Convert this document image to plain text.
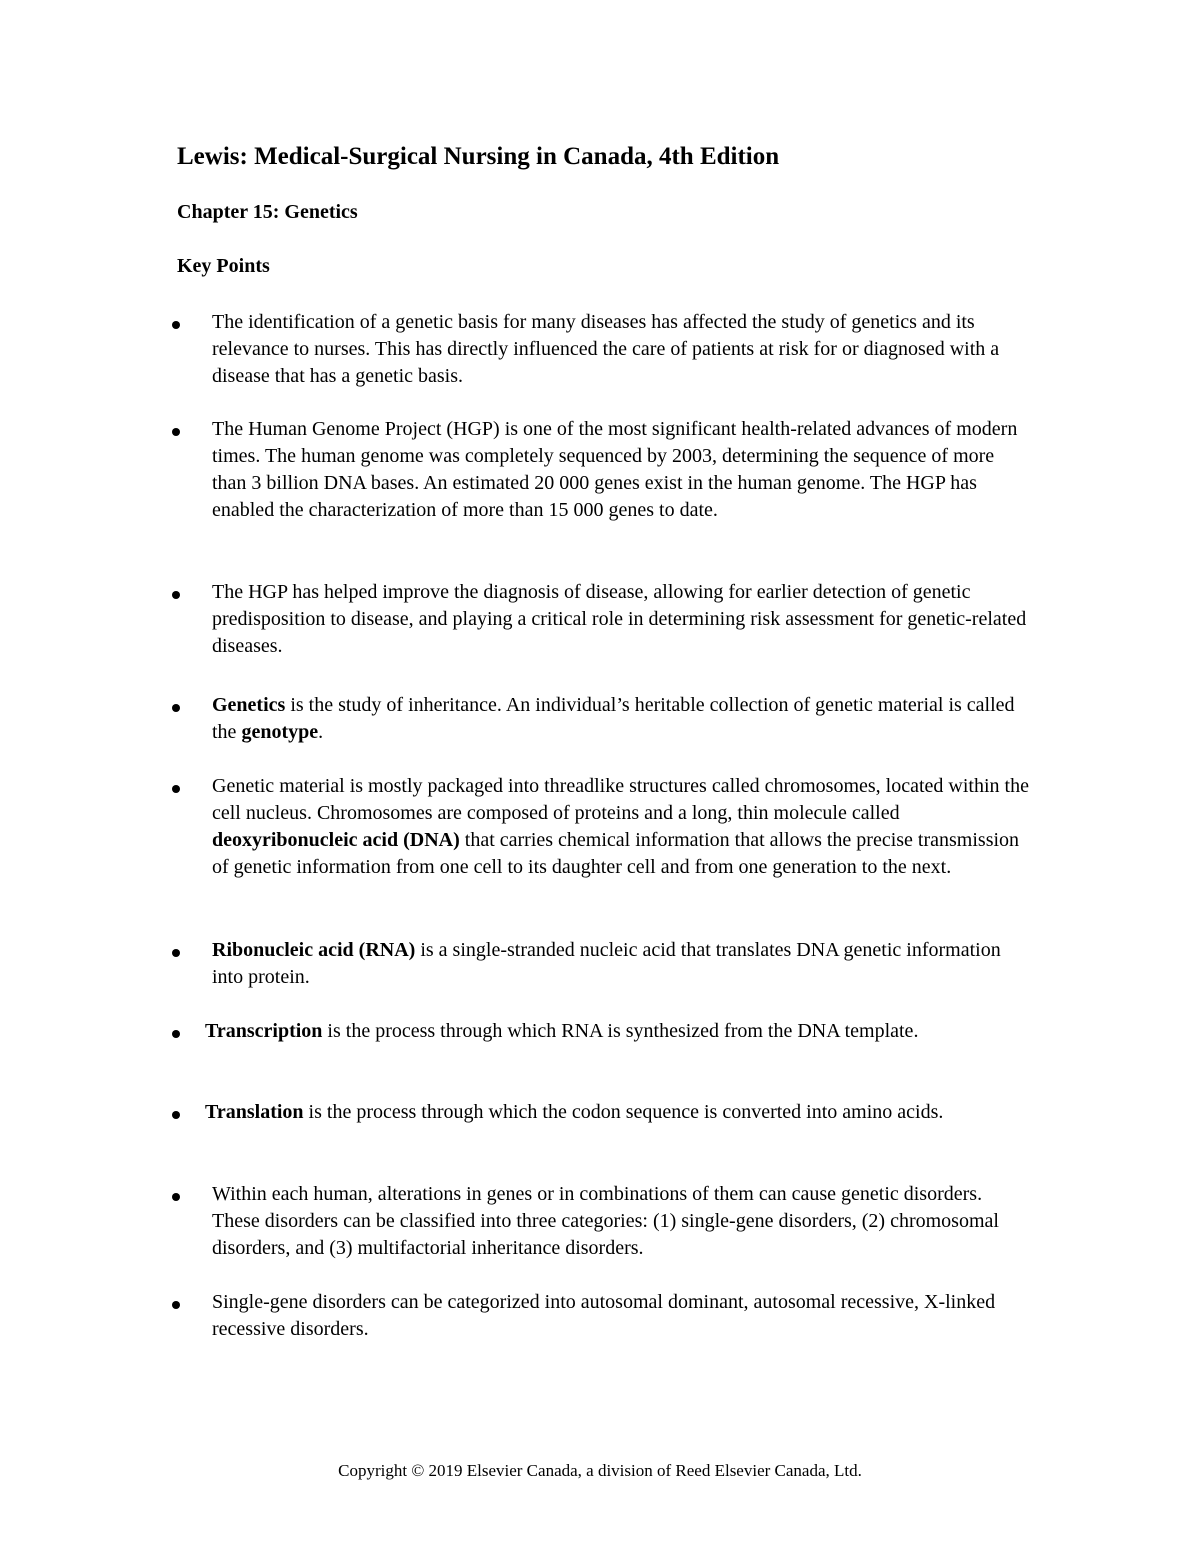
Lewis: Medical-Surgical Nursing in Canada, 4th Edition
Chapter 15: Genetics
Key Points
The identification of a genetic basis for many diseases has affected the study of genetics and its relevance to nurses. This has directly influenced the care of patients at risk for or diagnosed with a disease that has a genetic basis.
The Human Genome Project (HGP) is one of the most significant health-related advances of modern times. The human genome was completely sequenced by 2003, determining the sequence of more than 3 billion DNA bases. An estimated 20 000 genes exist in the human genome. The HGP has enabled the characterization of more than 15 000 genes to date.
The HGP has helped improve the diagnosis of disease, allowing for earlier detection of genetic predisposition to disease, and playing a critical role in determining risk assessment for genetic-related diseases.
Genetics is the study of inheritance. An individual’s heritable collection of genetic material is called the genotype.
Genetic material is mostly packaged into threadlike structures called chromosomes, located within the cell nucleus. Chromosomes are composed of proteins and a long, thin molecule called deoxyribonucleic acid (DNA) that carries chemical information that allows the precise transmission of genetic information from one cell to its daughter cell and from one generation to the next.
Ribonucleic acid (RNA) is a single-stranded nucleic acid that translates DNA genetic information into protein.
Transcription is the process through which RNA is synthesized from the DNA template.
Translation is the process through which the codon sequence is converted into amino acids.
Within each human, alterations in genes or in combinations of them can cause genetic disorders. These disorders can be classified into three categories: (1) single-gene disorders, (2) chromosomal disorders, and (3) multifactorial inheritance disorders.
Single-gene disorders can be categorized into autosomal dominant, autosomal recessive, X-linked recessive disorders.

Copyright © 2019 Elsevier Canada, a division of Reed Elsevier Canada, Ltd.
